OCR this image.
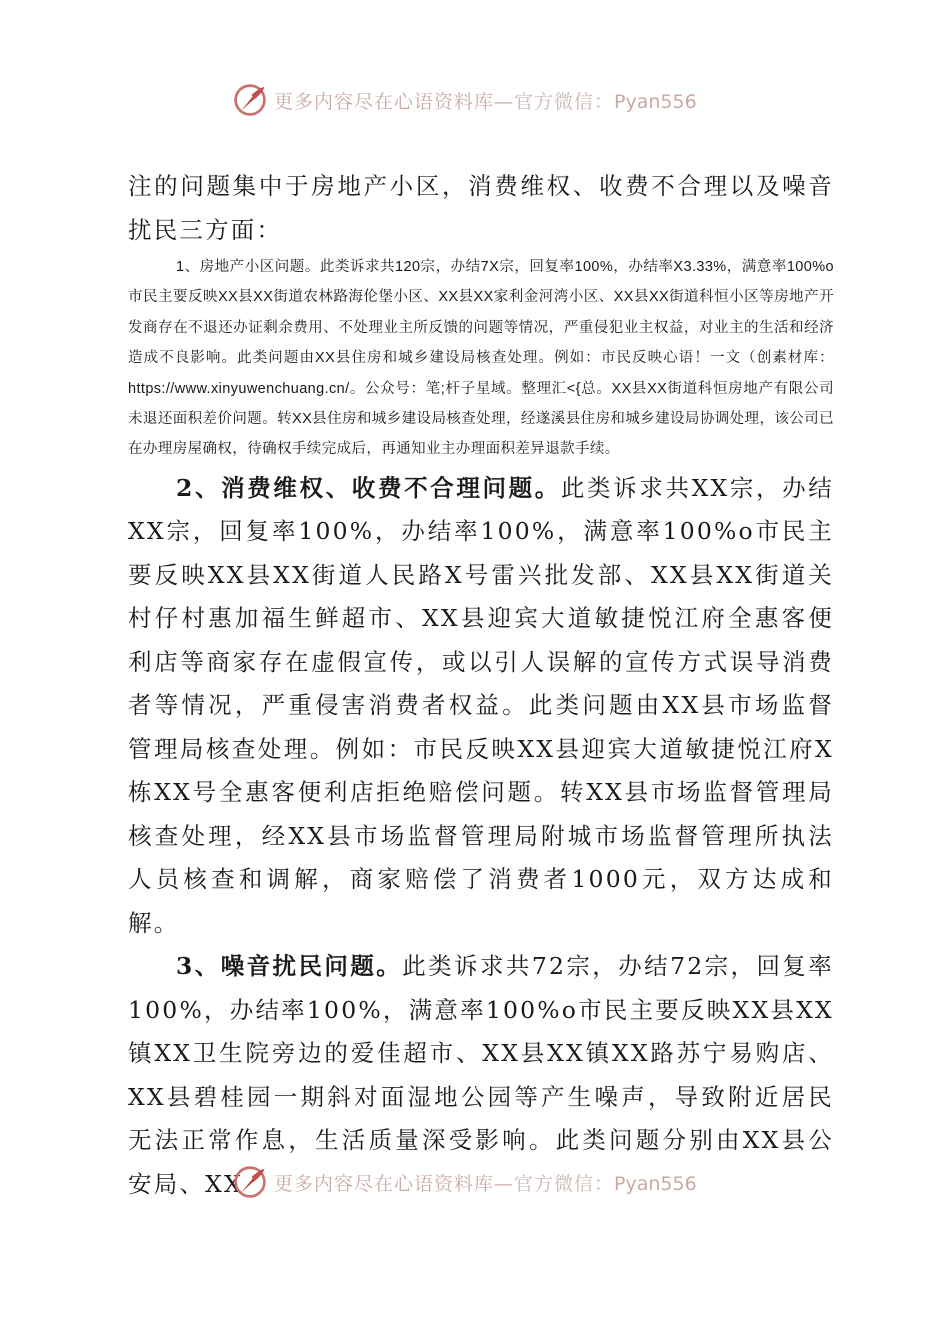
更多内容尽在心语资料库—官方微信：Pyan556

注的问题集中于房地产小区，消费维权、收费不合理以及噪音扰民三方面：

1、房地产小区问题。此类诉求共120宗，办结7X宗，回复率100%，办结率X3.33%，满意率100%o市民主要反映XX县XX街道农林路海伦堡小区、XX县XX家利金河湾小区、XX县XX街道科恒小区等房地产开发商存在不退还办证剩余费用、不处理业主所反馈的问题等情况，严重侵犯业主权益，对业主的生活和经济造成不良影响。此类问题由XX县住房和城乡建设局核查处理。例如：市民反映心语！一文（创素材库：https://www.xinyuwenchuang.cn/。公众号：笔;杆子星域。整理汇<{总。XX县XX街道科恒房地产有限公司未退还面积差价问题。转XX县住房和城乡建设局核查处理，经遂溪县住房和城乡建设局协调处理，该公司已在办理房屋确权，待确权手续完成后，再通知业主办理面积差异退款手续。

2、消费维权、收费不合理问题。此类诉求共XX宗，办结XX宗，回复率100%，办结率100%，满意率100%o市民主要反映XX县XX街道人民路X号雷兴批发部、XX县XX街道关村仔村惠加福生鲜超市、XX县迎宾大道敏捷悦江府全惠客便利店等商家存在虚假宣传，或以引人误解的宣传方式误导消费者等情况，严重侵害消费者权益。此类问题由XX县市场监督管理局核查处理。例如：市民反映XX县迎宾大道敏捷悦江府X栋XX号全惠客便利店拒绝赔偿问题。转XX县市场监督管理局核查处理，经XX县市场监督管理局附城市场监督管理所执法人员核查和调解，商家赔偿了消费者1000元，双方达成和解。

3、噪音扰民问题。此类诉求共72宗，办结72宗，回复率100%，办结率100%，满意率100%o市民主要反映XX县XX镇XX卫生院旁边的爱佳超市、XX县XX镇XX路苏宁易购店、XX县碧桂园一期斜对面湿地公园等产生噪声，导致附近居民无法正常作息，生活质量深受影响。此类问题分别由XX县公安局、XX	更多内容尽在心语资料库—官方微信：Pyan556
